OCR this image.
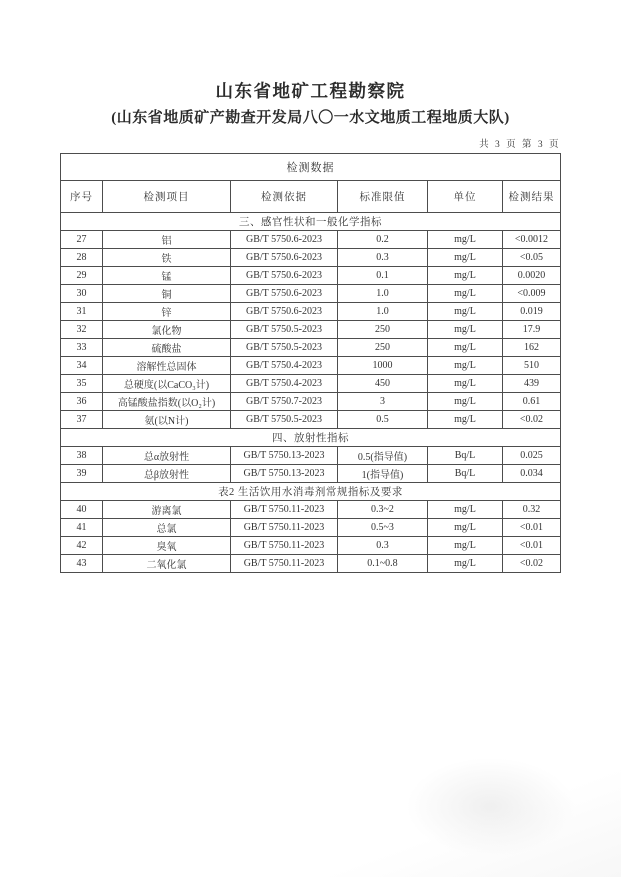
山东省地矿工程勘察院
(山东省地质矿产勘查开发局八〇一水文地质工程地质大队)
共 3 页 第 3 页
检测数据					
序号	检测项目	检测依据	标准限值	单位	检测结果
三、感官性状和一般化学指标					
27	铝	GB/T 5750.6-2023	0.2	mg/L	<0.0012
28	铁	GB/T 5750.6-2023	0.3	mg/L	<0.05
29	锰	GB/T 5750.6-2023	0.1	mg/L	0.0020
30	铜	GB/T 5750.6-2023	1.0	mg/L	<0.009
31	锌	GB/T 5750.6-2023	1.0	mg/L	0.019
32	氯化物	GB/T 5750.5-2023	250	mg/L	17.9
33	硫酸盐	GB/T 5750.5-2023	250	mg/L	162
34	溶解性总固体	GB/T 5750.4-2023	1000	mg/L	510
35	总硬度(以CaCO₃计)	GB/T 5750.4-2023	450	mg/L	439
36	高锰酸盐指数(以O₂计)	GB/T 5750.7-2023	3	mg/L	0.61
37	氨(以N计)	GB/T 5750.5-2023	0.5	mg/L	<0.02
四、放射性指标					
38	总α放射性	GB/T 5750.13-2023	0.5(指导值)	Bq/L	0.025
39	总β放射性	GB/T 5750.13-2023	1(指导值)	Bq/L	0.034
表2 生活饮用水消毒剂常规指标及要求					
40	游离氯	GB/T 5750.11-2023	0.3~2	mg/L	0.32
41	总氯	GB/T 5750.11-2023	0.5~3	mg/L	<0.01
42	臭氧	GB/T 5750.11-2023	0.3	mg/L	<0.01
43	二氧化氯	GB/T 5750.11-2023	0.1~0.8	mg/L	<0.02
